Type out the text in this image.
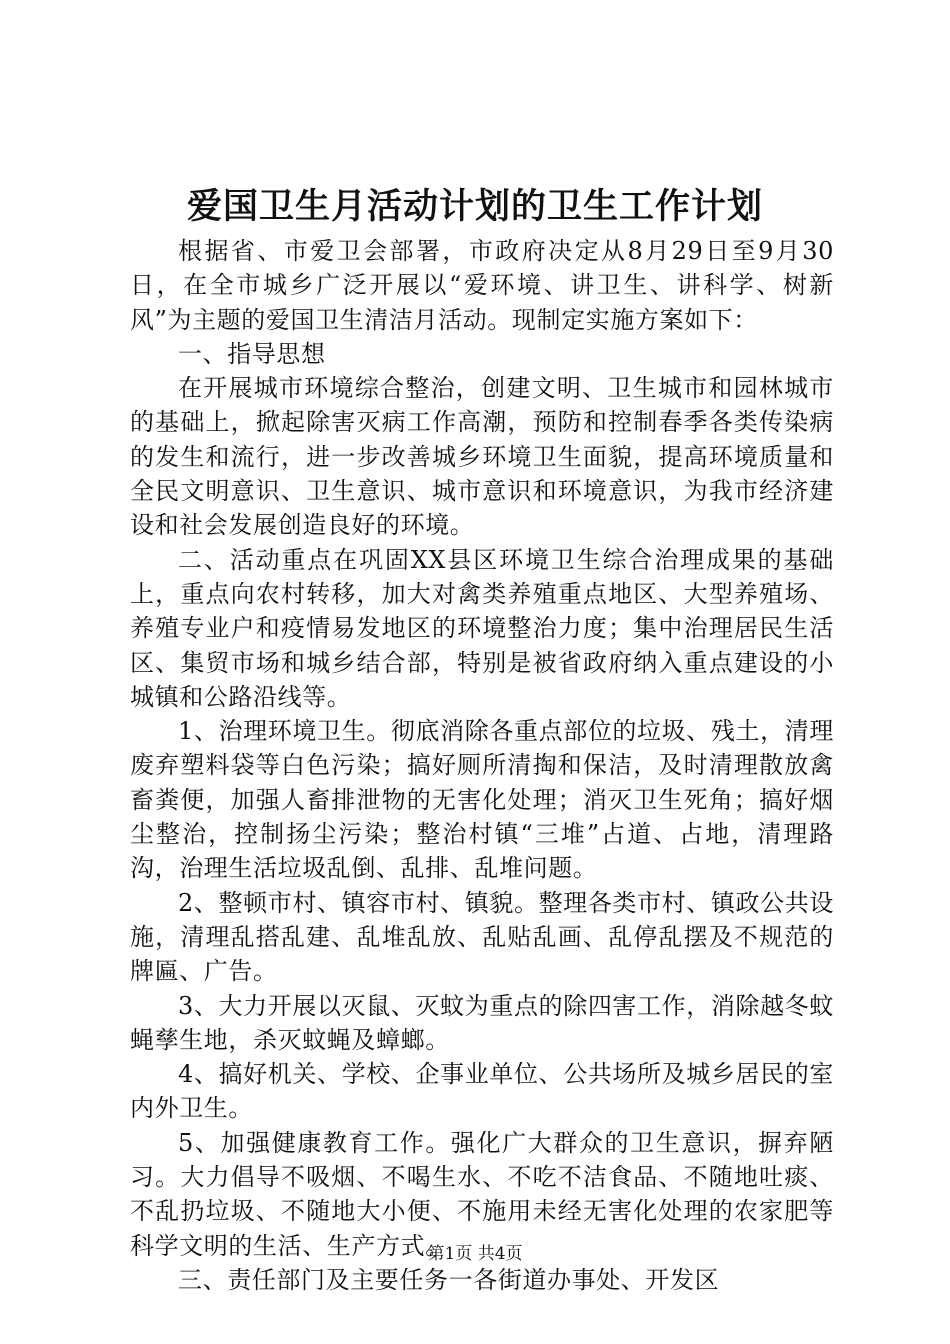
爱国卫生月活动计划的卫生工作计划

根据省、市爱卫会部署，市政府决定从8月29日至9月30日，在全市城乡广泛开展以“爱环境、讲卫生、讲科学、树新风”为主题的爱国卫生清洁月活动。现制定实施方案如下：

一、指导思想

在开展城市环境综合整治，创建文明、卫生城市和园林城市的基础上，掀起除害灭病工作高潮，预防和控制春季各类传染病的发生和流行，进一步改善城乡环境卫生面貌，提高环境质量和全民文明意识、卫生意识、城市意识和环境意识，为我市经济建设和社会发展创造良好的环境。

二、活动重点在巩固XX县区环境卫生综合治理成果的基础上，重点向农村转移，加大对禽类养殖重点地区、大型养殖场、养殖专业户和疫情易发地区的环境整治力度；集中治理居民生活区、集贸市场和城乡结合部，特别是被省政府纳入重点建设的小城镇和公路沿线等。

1、治理环境卫生。彻底消除各重点部位的垃圾、残土，清理废弃塑料袋等白色污染；搞好厕所清掏和保洁，及时清理散放禽畜粪便，加强人畜排泄物的无害化处理；消灭卫生死角；搞好烟尘整治，控制扬尘污染；整治村镇“三堆”占道、占地，清理路沟，治理生活垃圾乱倒、乱排、乱堆问题。

2、整顿市村、镇容市村、镇貌。整理各类市村、镇政公共设施，清理乱搭乱建、乱堆乱放、乱贴乱画、乱停乱摆及不规范的牌匾、广告。

3、大力开展以灭鼠、灭蚊为重点的除四害工作，消除越冬蚊蝇孳生地，杀灭蚊蝇及蟑螂。

4、搞好机关、学校、企事业单位、公共场所及城乡居民的室内外卫生。

5、加强健康教育工作。强化广大群众的卫生意识，摒弃陋习。大力倡导不吸烟、不喝生水、不吃不洁食品、不随地吐痰、不乱扔垃圾、不随地大小便、不施用未经无害化处理的农家肥等科学文明的生活、生产方式。

三、责任部门及主要任务一各街道办事处、开发区

第1页 共4页
